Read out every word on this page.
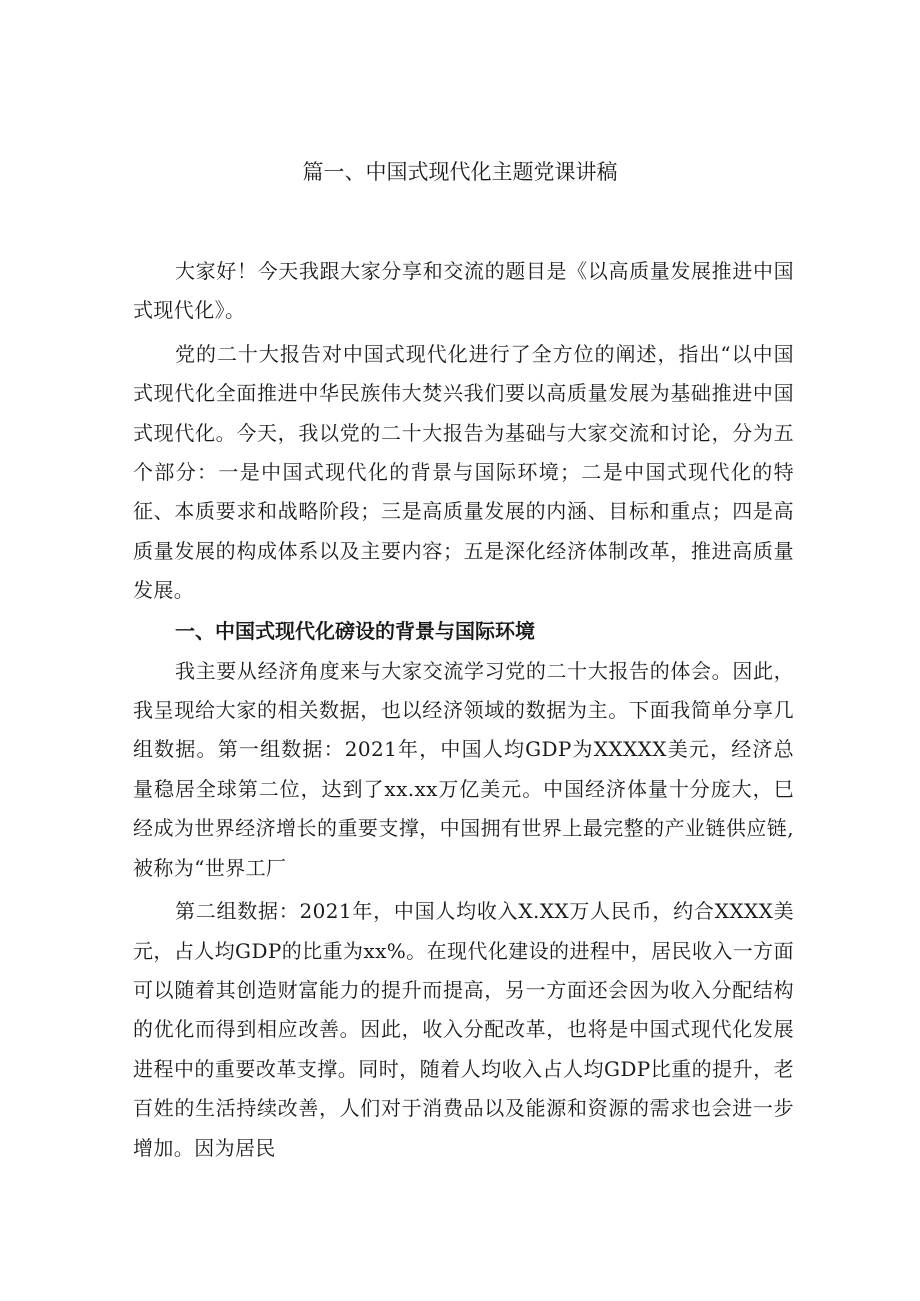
篇一、中国式现代化主题党课讲稿

大家好！今天我跟大家分享和交流的题目是《以高质量发展推进中国式现代化》。

党的二十大报告对中国式现代化进行了全方位的阐述，指出“以中国式现代化全面推进中华民族伟大焚兴我们要以高质量发展为基础推进中国式现代化。今天，我以党的二十大报告为基础与大家交流和讨论，分为五个部分：一是中国式现代化的背景与国际环境；二是中国式现代化的特征、本质要求和战略阶段；三是高质量发展的内涵、目标和重点；四是高质量发展的构成体系以及主要内容；五是深化经济体制改革，推进高质量发展。

一、中国式现代化磅设的背景与国际环境

我主要从经济角度来与大家交流学习党的二十大报告的体会。因此，我呈现给大家的相关数据，也以经济领域的数据为主。下面我简单分享几组数据。第一组数据：2021年，中国人均GDP为XXXXX美元，经济总量稳居全球第二位，达到了xx.xx万亿美元。中国经济体量十分庞大，巳经成为世界经济增长的重要支撑，中国拥有世界上最完整的产业链供应链,被称为“世界工厂

第二组数据：2021年，中国人均收入X.XX万人民币，约合XXXX美元，占人均GDP的比重为xx%。在现代化建设的进程中，居民收入一方面可以随着其创造财富能力的提升而提高，另一方面还会因为收入分配结构的优化而得到相应改善。因此，收入分配改革，也将是中国式现代化发展进程中的重要改革支撑。同时，随着人均收入占人均GDP比重的提升，老百姓的生活持续改善，人们对于消费品以及能源和资源的需求也会进一步增加。因为居民
